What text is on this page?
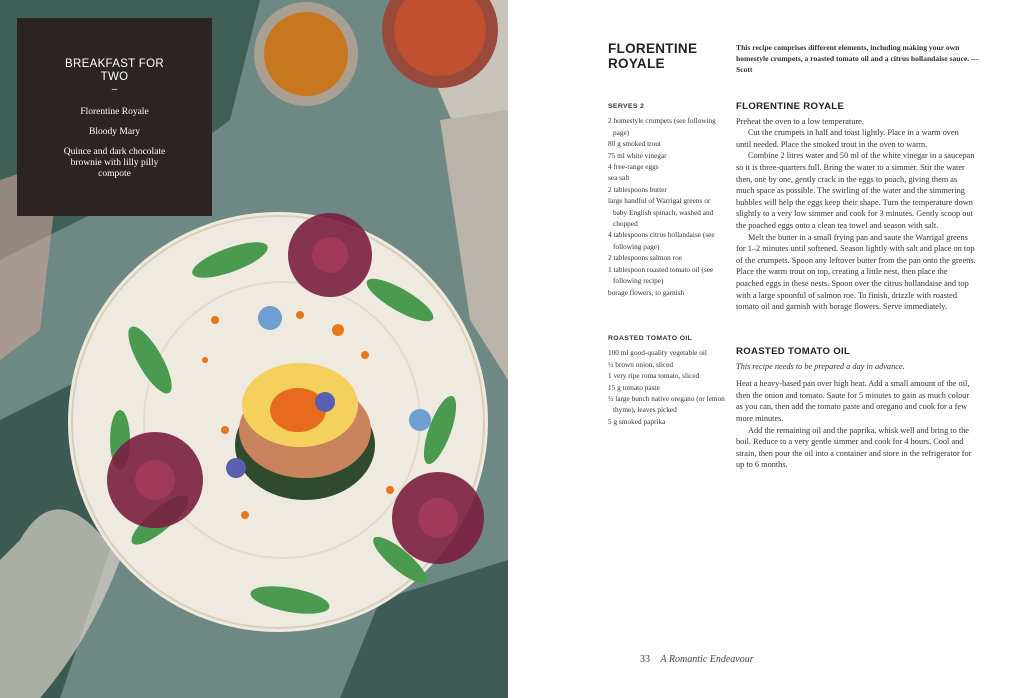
BREAKFAST FOR TWO
–
Florentine Royale
Bloody Mary
Quince and dark chocolate brownie with lilly pilly compote
FLORENTINE ROYALE
This recipe comprises different elements, including making your own homestyle crumpets, a roasted tomato oil and a citrus hollandaise sauce. — Scott
SERVES 2
2 homestyle crumpets (see following page)
80 g smoked trout
75 ml white vinegar
4 free-range eggs
sea salt
2 tablespoons butter
large handful of Warrigal greens or baby English spinach, washed and chopped
4 tablespoons citrus hollandaise (see following page)
2 tablespoons salmon roe
1 tablespoon roasted tomato oil (see following recipe)
borage flowers, to garnish
ROASTED TOMATO OIL
100 ml good-quality vegetable oil
½ brown onion, sliced
1 very ripe roma tomato, sliced
15 g tomato paste
½ large bunch native oregano (or lemon thyme), leaves picked
5 g smoked paprika
FLORENTINE ROYALE

Preheat the oven to a low temperature.

Cut the crumpets in half and toast lightly. Place in a warm oven until needed. Place the smoked trout in the oven to warm.

Combine 2 litres water and 50 ml of the white vinegar in a saucepan so it is three-quarters full. Bring the water to a simmer. Stir the water then, one by one, gently crack in the eggs to poach, giving them as much space as possible. The swirling of the water and the simmering bubbles will help the eggs keep their shape. Turn the temperature down slightly to a very low simmer and cook for 3 minutes. Gently scoop out the poached eggs onto a clean tea towel and season with salt.

Melt the butter in a small frying pan and saute the Warrigal greens for 1–2 minutes until softened. Season lightly with salt and place on top of the crumpets. Spoon any leftover butter from the pan onto the greens. Place the warm trout on top, creating a little nest, then place the poached eggs in these nests. Spoon over the citrus hollandaise and top with a large spoonful of salmon roe. To finish, drizzle with roasted tomato oil and garnish with borage flowers. Serve immediately.

ROASTED TOMATO OIL

This recipe needs to be prepared a day in advance.

Heat a heavy-based pan over high heat. Add a small amount of the oil, then the onion and tomato. Saute for 5 minutes to gain as much colour as you can, then add the tomato paste and oregano and cook for a few more minutes.

Add the remaining oil and the paprika, whisk well and bring to the boil. Reduce to a very gentle simmer and cook for 4 hours. Cool and strain, then pour the oil into a container and store in the refrigerator for up to 6 months.

33 A Romantic Endeavour
